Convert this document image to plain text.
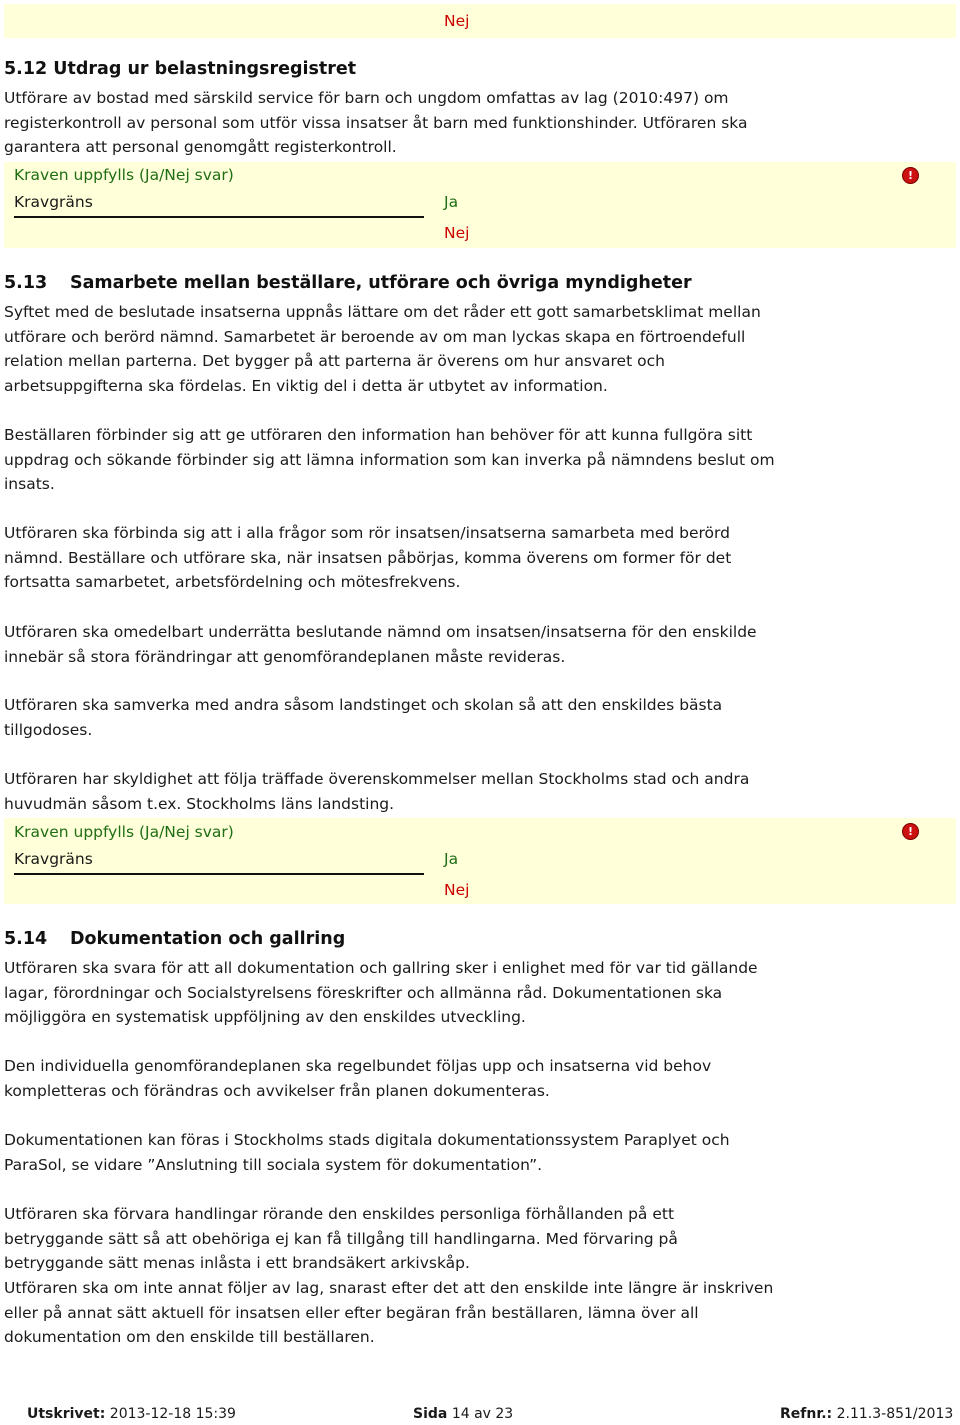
Nej
5.12 Utdrag ur belastningsregistret

Utförare av bostad med särskild service för barn och ungdom omfattas av lag (2010:497) om registerkontroll av personal som utför vissa insatser åt barn med funktionshinder. Utföraren ska garantera att personal genomgått registerkontroll.

Kraven uppfylls (Ja/Nej svar)
Kravgräns	Ja
Nej
!
5.13 Samarbete mellan beställare, utförare och övriga myndigheter

Syftet med de beslutade insatserna uppnås lättare om det råder ett gott samarbetsklimat mellan utförare och berörd nämnd. Samarbetet är beroende av om man lyckas skapa en förtroendefull relation mellan parterna. Det bygger på att parterna är överens om hur ansvaret och arbetsuppgifterna ska fördelas. En viktig del i detta är utbytet av information.

Beställaren förbinder sig att ge utföraren den information han behöver för att kunna fullgöra sitt uppdrag och sökande förbinder sig att lämna information som kan inverka på nämndens beslut om insats.

Utföraren ska förbinda sig att i alla frågor som rör insatsen/insatserna samarbeta med berörd nämnd. Beställare och utförare ska, när insatsen påbörjas, komma överens om former för det fortsatta samarbetet, arbetsfördelning och mötesfrekvens.

Utföraren ska omedelbart underrätta beslutande nämnd om insatsen/insatserna för den enskilde innebär så stora förändringar att genomförandeplanen måste revideras.

Utföraren ska samverka med andra såsom landstinget och skolan så att den enskildes bästa tillgodoses.

Utföraren har skyldighet att följa träffade överenskommelser mellan Stockholms stad och andra huvudmän såsom t.ex. Stockholms läns landsting.

Kraven uppfylls (Ja/Nej svar)
Kravgräns	Ja
Nej
!
5.14 Dokumentation och gallring

Utföraren ska svara för att all dokumentation och gallring sker i enlighet med för var tid gällande lagar, förordningar och Socialstyrelsens föreskrifter och allmänna råd. Dokumentationen ska möjliggöra en systematisk uppföljning av den enskildes utveckling.

Den individuella genomförandeplanen ska regelbundet följas upp och insatserna vid behov kompletteras och förändras och avvikelser från planen dokumenteras.

Dokumentationen kan föras i Stockholms stads digitala dokumentationssystem Paraplyet och ParaSol, se vidare ”Anslutning till sociala system för dokumentation”.

Utföraren ska förvara handlingar rörande den enskildes personliga förhållanden på ett betryggande sätt så att obehöriga ej kan få tillgång till handlingarna. Med förvaring på betryggande sätt menas inlåsta i ett brandsäkert arkivskåp.

Utföraren ska om inte annat följer av lag, snarast efter det att den enskilde inte längre är inskriven eller på annat sätt aktuell för insatsen eller efter begäran från beställaren, lämna över all dokumentation om den enskilde till beställaren.

Utskrivet: 2013-12-18 15:39	Sida 14 av 23	Refnr.: 2.11.3-851/2013
